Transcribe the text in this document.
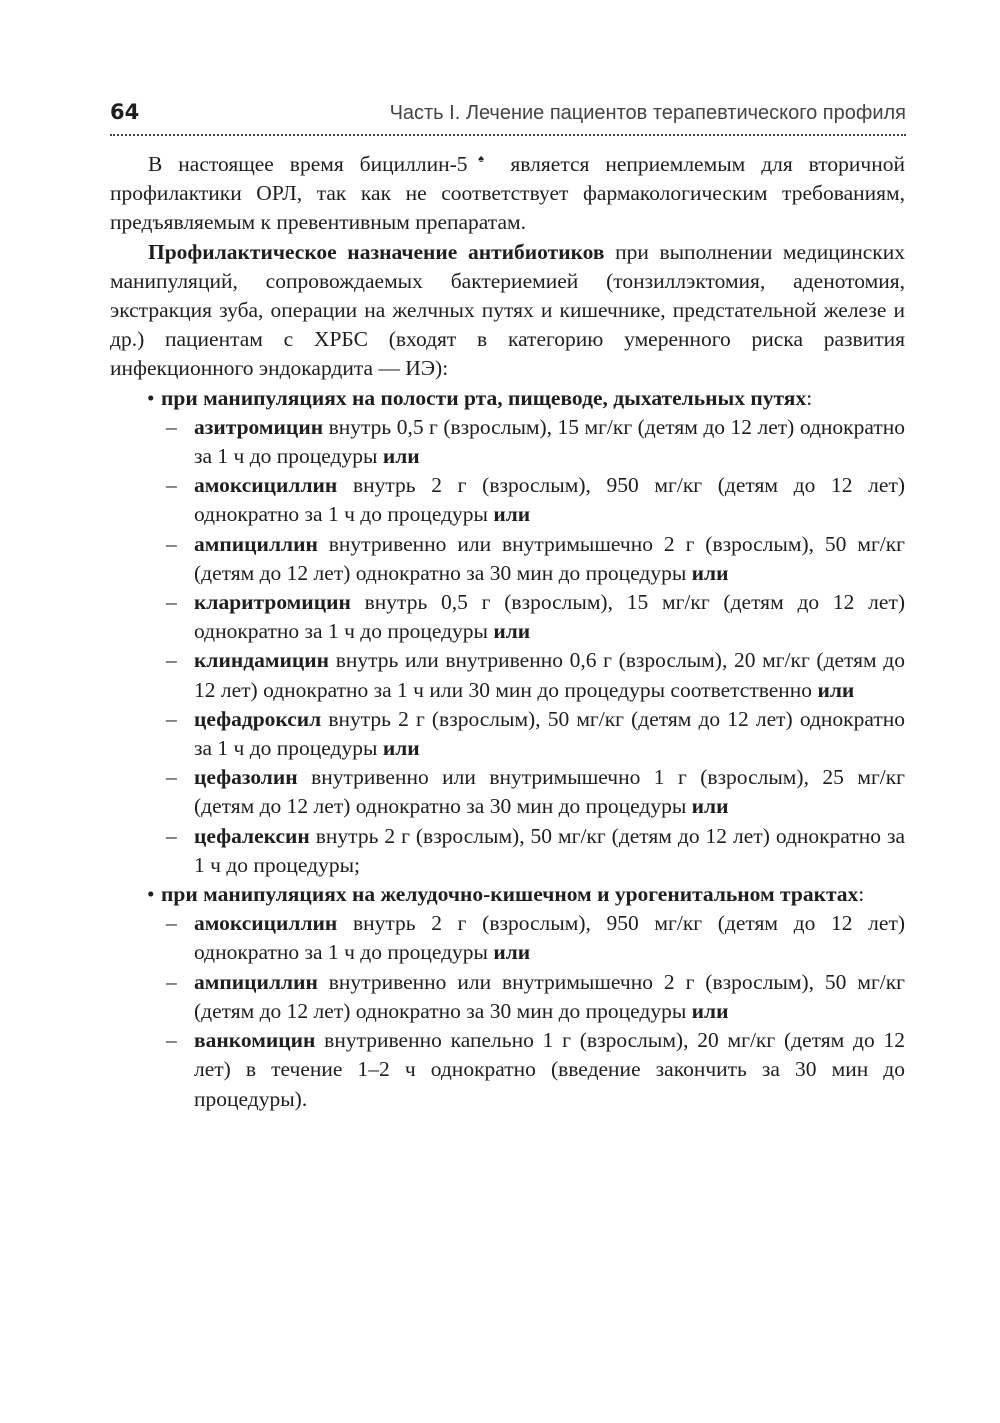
64	Часть I. Лечение пациентов терапевтического профиля

В настоящее время бициллин-5♠ является неприемлемым для вторичной профилактики ОРЛ, так как не соответствует фармакологическим требованиям, предъявляемым к превентивным препаратам.

Профилактическое назначение антибиотиков при выполнении медицинских манипуляций, сопровождаемых бактериемией (тонзиллэктомия, аденотомия, экстракция зуба, операции на желчных путях и кишечнике, предстательной железе и др.) пациентам с ХРБС (входят в категорию умеренного риска развития инфекционного эндокардита — ИЭ):

• при манипуляциях на полости рта, пищеводе, дыхательных путях:
– азитромицин внутрь 0,5 г (взрослым), 15 мг/кг (детям до 12 лет) однократно за 1 ч до процедуры или
– амоксициллин внутрь 2 г (взрослым), 950 мг/кг (детям до 12 лет) однократно за 1 ч до процедуры или
– ампициллин внутривенно или внутримышечно 2 г (взрослым), 50 мг/кг (детям до 12 лет) однократно за 30 мин до процедуры или
– кларитромицин внутрь 0,5 г (взрослым), 15 мг/кг (детям до 12 лет) однократно за 1 ч до процедуры или
– клиндамицин внутрь или внутривенно 0,6 г (взрослым), 20 мг/кг (детям до 12 лет) однократно за 1 ч или 30 мин до процедуры соответственно или
– цефадроксил внутрь 2 г (взрослым), 50 мг/кг (детям до 12 лет) однократно за 1 ч до процедуры или
– цефазолин внутривенно или внутримышечно 1 г (взрослым), 25 мг/кг (детям до 12 лет) однократно за 30 мин до процедуры или
– цефалексин внутрь 2 г (взрослым), 50 мг/кг (детям до 12 лет) однократно за 1 ч до процедуры;
• при манипуляциях на желудочно-кишечном и урогенитальном трактах:
– амоксициллин внутрь 2 г (взрослым), 950 мг/кг (детям до 12 лет) однократно за 1 ч до процедуры или
– ампициллин внутривенно или внутримышечно 2 г (взрослым), 50 мг/кг (детям до 12 лет) однократно за 30 мин до процедуры или
– ванкомицин внутривенно капельно 1 г (взрослым), 20 мг/кг (детям до 12 лет) в течение 1–2 ч однократно (введение закончить за 30 мин до процедуры).
